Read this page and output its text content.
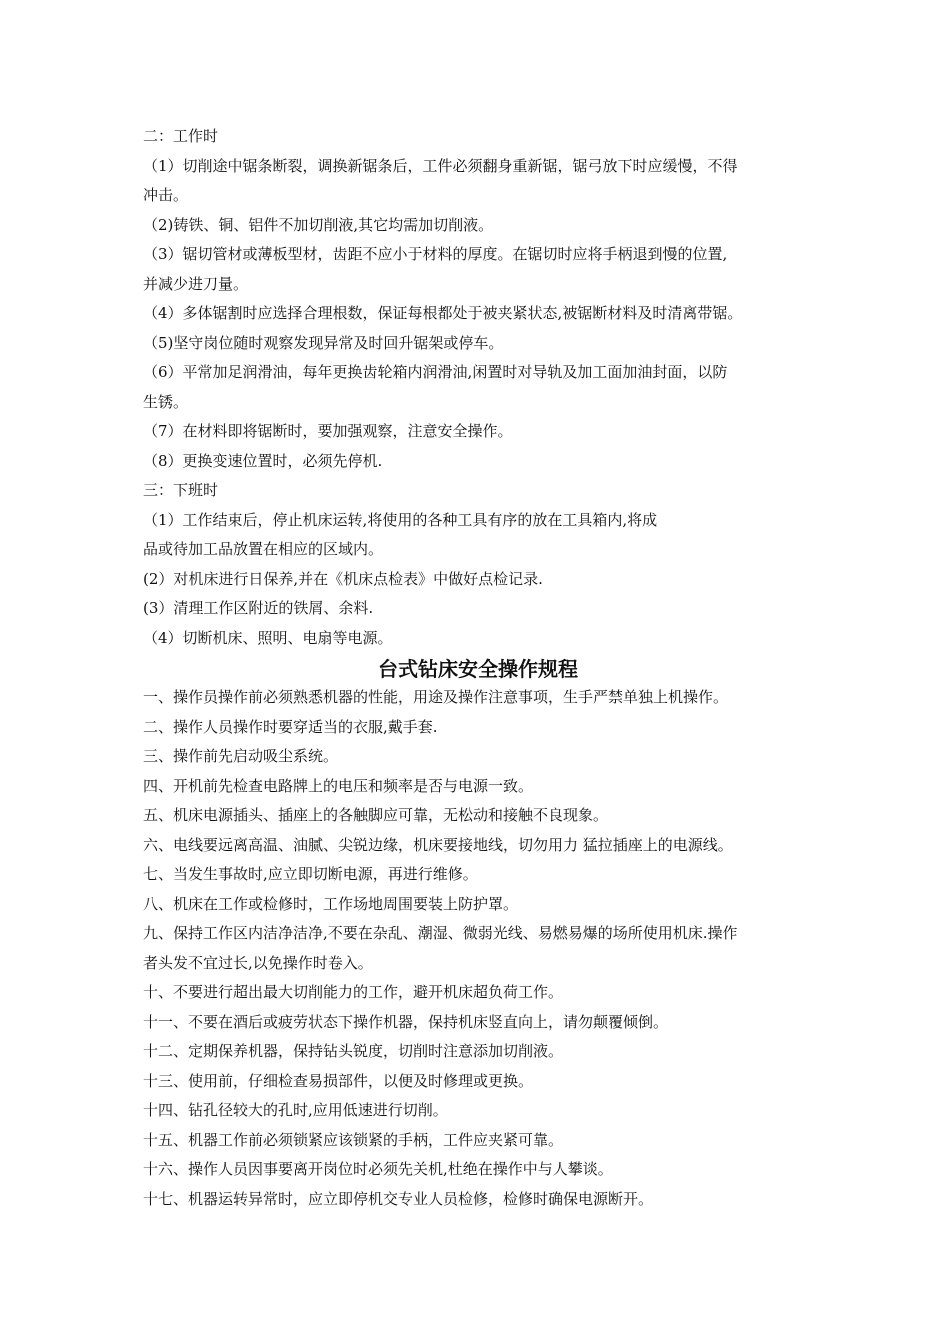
二：工作时
（1）切削途中锯条断裂，调换新锯条后，工件必须翻身重新锯，锯弓放下时应缓慢，不得
冲击。
（2)铸铁、铜、铝件不加切削液,其它均需加切削液。
（3）锯切管材或薄板型材，齿距不应小于材料的厚度。在锯切时应将手柄退到慢的位置,
并减少进刀量。
（4）多体锯割时应选择合理根数，保证每根都处于被夹紧状态,被锯断材料及时清离带锯。
（5)坚守岗位随时观察发现异常及时回升锯架或停车。
（6）平常加足润滑油，每年更换齿轮箱内润滑油,闲置时对导轨及加工面加油封面，以防
生锈。
（7）在材料即将锯断时，要加强观察，注意安全操作。
（8）更换变速位置时，必须先停机.
三：下班时
（1）工作结束后，停止机床运转,将使用的各种工具有序的放在工具箱内,将成
品或待加工品放置在相应的区域内。
(2）对机床进行日保养,并在《机床点检表》中做好点检记录.
(3）清理工作区附近的铁屑、余料.
（4）切断机床、照明、电扇等电源。
台式钻床安全操作规程
一、操作员操作前必须熟悉机器的性能，用途及操作注意事项，生手严禁单独上机操作。
二、操作人员操作时要穿适当的衣服,戴手套.
三、操作前先启动吸尘系统。
四、开机前先检查电路牌上的电压和频率是否与电源一致。
五、机床电源插头、插座上的各触脚应可靠，无松动和接触不良现象。
六、电线要远离高温、油腻、尖锐边缘，机床要接地线，切勿用力 猛拉插座上的电源线。
七、当发生事故时,应立即切断电源，再进行维修。
八、机床在工作或检修时，工作场地周围要装上防护罩。
九、保持工作区内洁净洁净,不要在杂乱、潮湿、微弱光线、易燃易爆的场所使用机床.操作
者头发不宜过长,以免操作时卷入。
十、不要进行超出最大切削能力的工作，避开机床超负荷工作。
十一、不要在酒后或疲劳状态下操作机器，保持机床竖直向上，请勿颠覆倾倒。
十二、定期保养机器，保持钻头锐度，切削时注意添加切削液。
十三、使用前，仔细检查易损部件，以便及时修理或更换。
十四、钻孔径较大的孔时,应用低速进行切削。
十五、机器工作前必须锁紧应该锁紧的手柄，工件应夹紧可靠。
十六、操作人员因事要离开岗位时必须先关机,杜绝在操作中与人攀谈。
十七、机器运转异常时，应立即停机交专业人员检修，检修时确保电源断开。
